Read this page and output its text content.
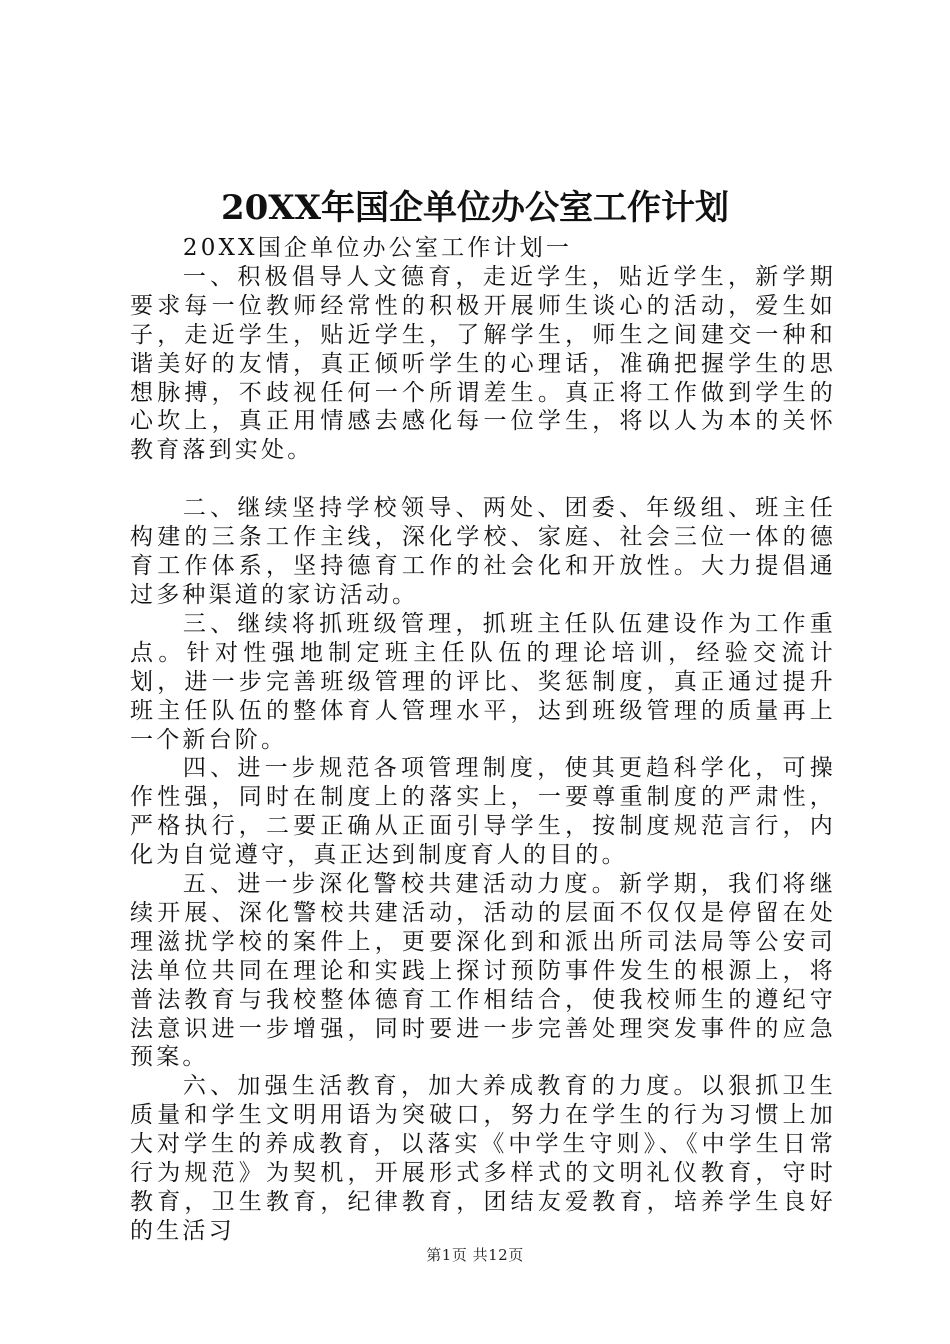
20XX年国企单位办公室工作计划

20XX国企单位办公室工作计划一

一、积极倡导人文德育，走近学生，贴近学生，新学期要求每一位教师经常性的积极开展师生谈心的活动，爱生如子，走近学生，贴近学生，了解学生，师生之间建交一种和谐美好的友情，真正倾听学生的心理话，准确把握学生的思想脉搏，不歧视任何一个所谓差生。真正将工作做到学生的心坎上，真正用情感去感化每一位学生，将以人为本的关怀教育落到实处。

二、继续坚持学校领导、两处、团委、年级组、班主任构建的三条工作主线，深化学校、家庭、社会三位一体的德育工作体系，坚持德育工作的社会化和开放性。大力提倡通过多种渠道的家访活动。

三、继续将抓班级管理，抓班主任队伍建设作为工作重点。针对性强地制定班主任队伍的理论培训，经验交流计划，进一步完善班级管理的评比、奖惩制度，真正通过提升班主任队伍的整体育人管理水平，达到班级管理的质量再上一个新台阶。

四、进一步规范各项管理制度，使其更趋科学化，可操作性强，同时在制度上的落实上，一要尊重制度的严肃性，严格执行，二要正确从正面引导学生，按制度规范言行，内化为自觉遵守，真正达到制度育人的目的。

五、进一步深化警校共建活动力度。新学期，我们将继续开展、深化警校共建活动，活动的层面不仅仅是停留在处理滋扰学校的案件上，更要深化到和派出所司法局等公安司法单位共同在理论和实践上探讨预防事件发生的根源上，将普法教育与我校整体德育工作相结合，使我校师生的遵纪守法意识进一步增强，同时要进一步完善处理突发事件的应急预案。

六、加强生活教育，加大养成教育的力度。以狠抓卫生质量和学生文明用语为突破口，努力在学生的行为习惯上加大对学生的养成教育，以落实《中学生守则》、《中学生日常行为规范》为契机，开展形式多样式的文明礼仪教育，守时教育，卫生教育，纪律教育，团结友爱教育，培养学生良好的生活习

第1页 共12页
